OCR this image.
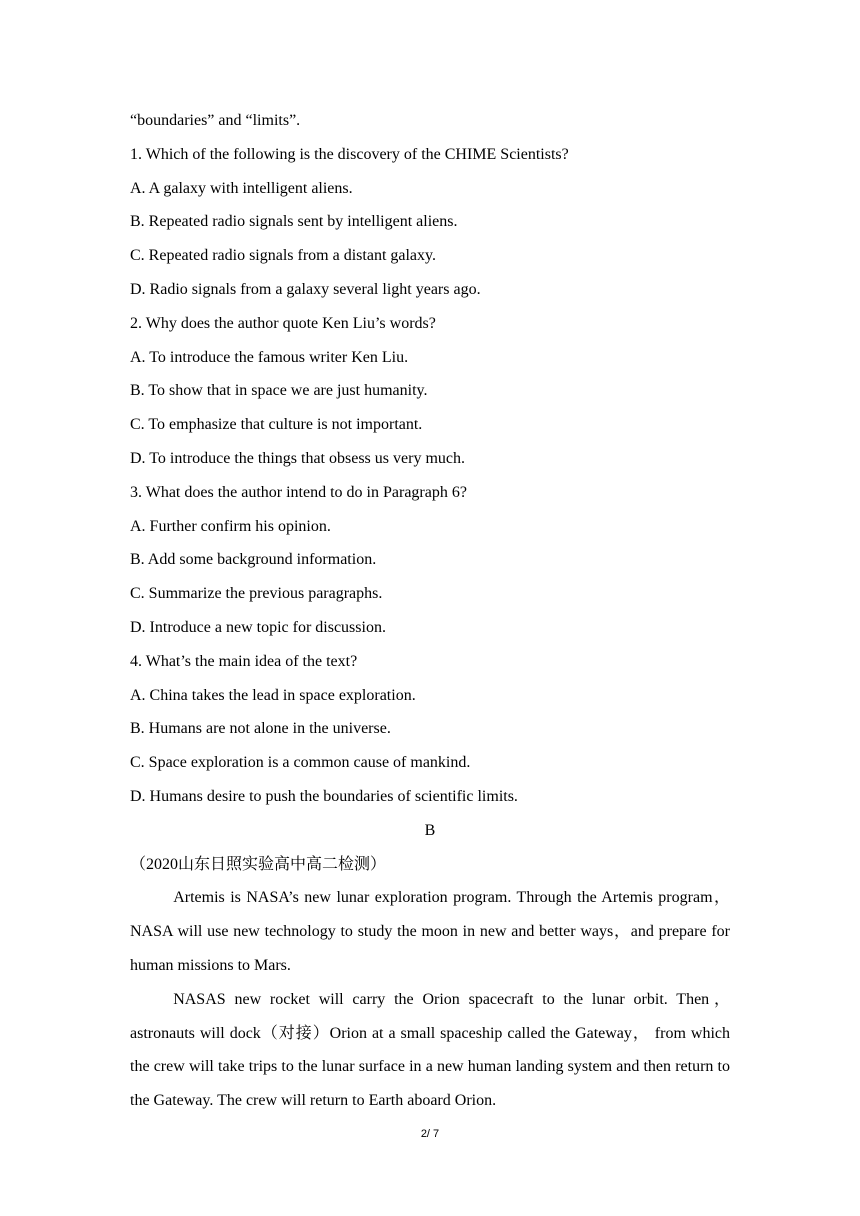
“boundaries” and “limits”.
1. Which of the following is the discovery of the CHIME Scientists?
A. A galaxy with intelligent aliens.
B. Repeated radio signals sent by intelligent aliens.
C. Repeated radio signals from a distant galaxy.
D. Radio signals from a galaxy several light years ago.
2. Why does the author quote Ken Liu’s words?
A. To introduce the famous writer Ken Liu.
B. To show that in space we are just humanity.
C. To emphasize that culture is not important.
D. To introduce the things that obsess us very much.
3. What does the author intend to do in Paragraph 6?
A. Further confirm his opinion.
B. Add some background information.
C. Summarize the previous paragraphs.
D. Introduce a new topic for discussion.
4. What’s the main idea of the text?
A. China takes the lead in space exploration.
B. Humans are not alone in the universe.
C. Space exploration is a common cause of mankind.
D. Humans desire to push the boundaries of scientific limits.
B
（2020山东日照实验高中高二检测）

Artemis is NASA’s new lunar exploration program. Through the Artemis program，NASA will use new technology to study the moon in new and better ways，and prepare for human missions to Mars.

NASAS new rocket will carry the Orion spacecraft to the lunar orbit. Then，astronauts will dock（对接）Orion at a small spaceship called the Gateway， from which the crew will take trips to the lunar surface in a new human landing system and then return to the Gateway. The crew will return to Earth aboard Orion.

2/ 7
